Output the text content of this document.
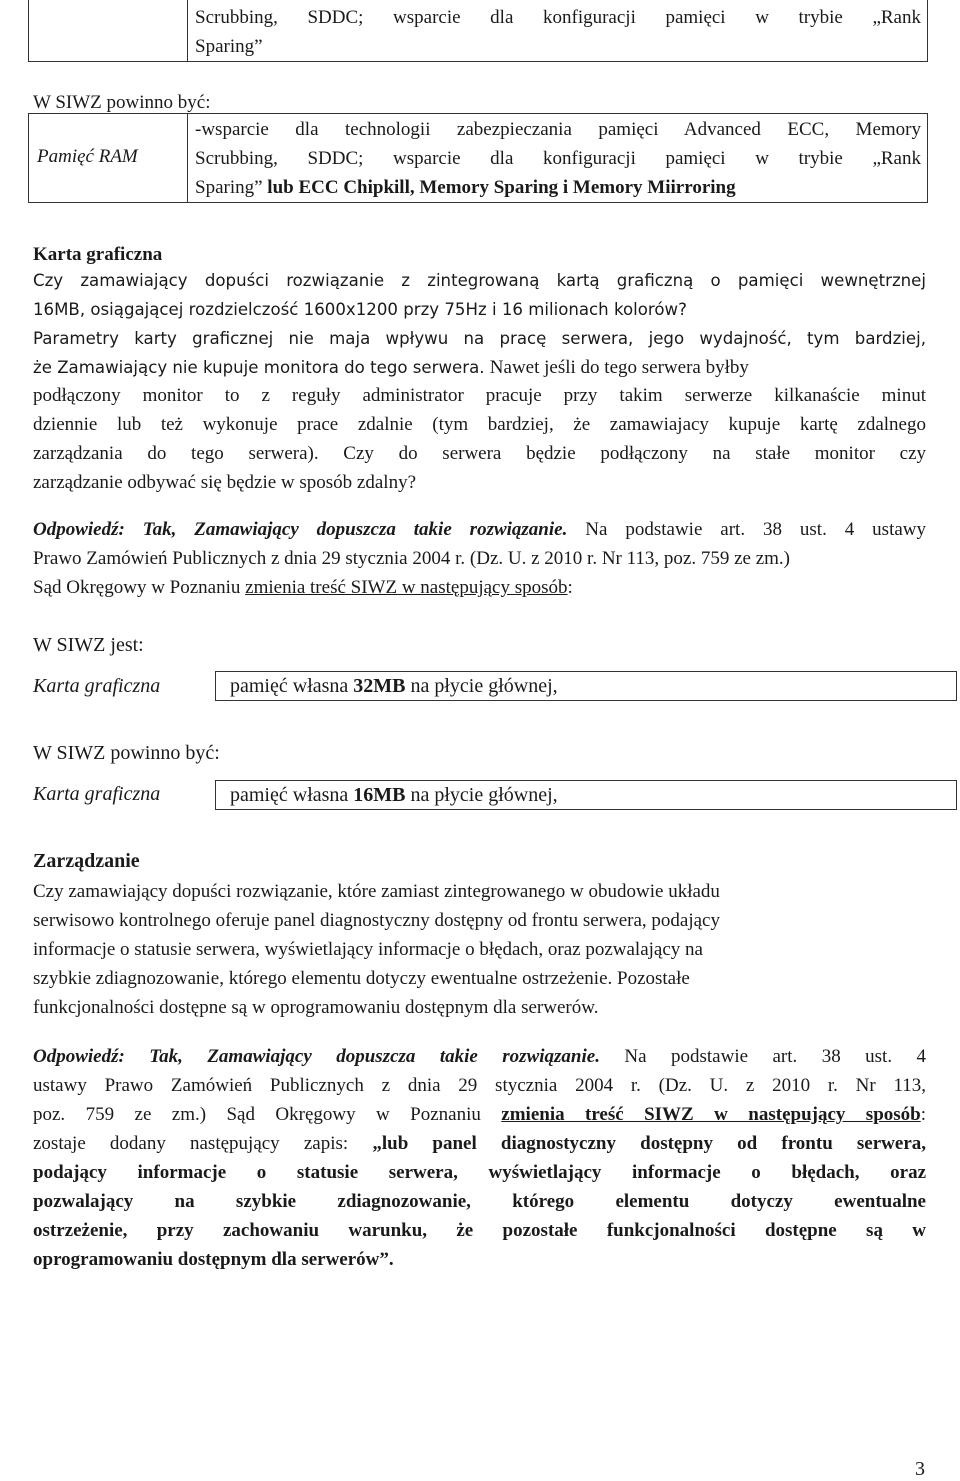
Scrubbing, SDDC; wsparcie dla konfiguracji pamięci w trybie „Rank
Sparing”
W SIWZ powinno być:
Pamięć RAM
-wsparcie dla technologii zabezpieczania pamięci Advanced ECC, Memory
Scrubbing, SDDC; wsparcie dla konfiguracji pamięci w trybie „Rank
Sparing” lub ECC Chipkill, Memory Sparing i Memory Miirroring
Karta graficzna
Czy zamawiający dopuści rozwiązanie z zintegrowaną kartą graficzną o pamięci wewnętrznej
16MB, osiągającej rozdzielczość 1600x1200 przy 75Hz i 16 milionach kolorów?
Parametry karty graficznej nie maja wpływu na pracę serwera, jego wydajność, tym bardziej,
że Zamawiający nie kupuje monitora do tego serwera. Nawet jeśli do tego serwera byłby
podłączony monitor to z reguły administrator pracuje przy takim serwerze kilkanaście minut
dziennie lub też wykonuje prace zdalnie (tym bardziej, że zamawiajacy kupuje kartę zdalnego
zarządzania do tego serwera). Czy do serwera będzie podłączony na stałe monitor czy
zarządzanie odbywać się będzie w sposób zdalny?
Odpowiedź: Tak, Zamawiający dopuszcza takie rozwiązanie. Na podstawie art. 38 ust. 4 ustawy
Prawo Zamówień Publicznych z dnia 29 stycznia 2004 r. (Dz. U. z 2010 r. Nr 113, poz. 759 ze zm.)
Sąd Okręgowy w Poznaniu zmienia treść SIWZ w następujący sposób:
W SIWZ jest:
Karta graficzna	pamięć własna 32MB na płycie głównej,
W SIWZ powinno być:
Karta graficzna	pamięć własna 16MB na płycie głównej,
Zarządzanie
Czy zamawiający dopuści rozwiązanie, które zamiast zintegrowanego w obudowie układu
serwisowo kontrolnego oferuje panel diagnostyczny dostępny od frontu serwera, podający
informacje o statusie serwera, wyświetlający informacje o błędach, oraz pozwalający na
szybkie zdiagnozowanie, którego elementu dotyczy ewentualne ostrzeżenie. Pozostałe
funkcjonalności dostępne są w oprogramowaniu dostępnym dla serwerów.
Odpowiedź: Tak, Zamawiający dopuszcza takie rozwiązanie. Na podstawie art. 38 ust. 4
ustawy Prawo Zamówień Publicznych z dnia 29 stycznia 2004 r. (Dz. U. z 2010 r. Nr 113,
poz. 759 ze zm.) Sąd Okręgowy w Poznaniu zmienia treść SIWZ w następujący sposób:
zostaje dodany następujący zapis: „lub panel diagnostyczny dostępny od frontu serwera,
podający informacje o statusie serwera, wyświetlający informacje o błędach, oraz
pozwalający na szybkie zdiagnozowanie, którego elementu dotyczy ewentualne
ostrzeżenie, przy zachowaniu warunku, że pozostałe funkcjonalności dostępne są w
oprogramowaniu dostępnym dla serwerów”.
3
